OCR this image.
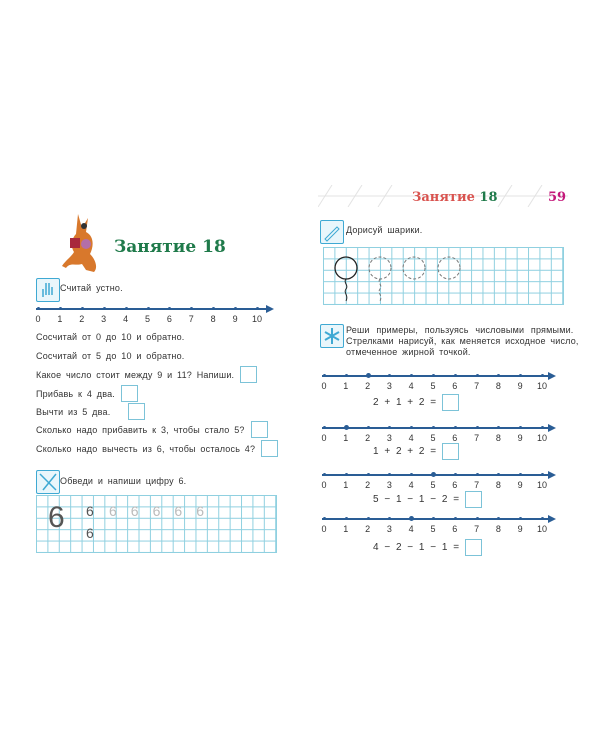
Занятие 18
Считай устно.
0	1	2	3	4	5	6	7	8	9	10
Сосчитай от 0 до 10 и обратно.
Сосчитай от 5 до 10 и обратно.
Какое число стоит между 9 и 11? Напиши.
Прибавь к 4 два.
Вычти из 5 два.
Сколько надо прибавить к 3, чтобы стало 5?
Сколько надо вычесть из 6, чтобы осталось 4?
Обведи и напиши цифру 6.
6 6
6
66666
Занятие 18	59
Дорисуй шарики.
Реши примеры, пользуясь числовыми прямыми.
Стрелками нарисуй, как меняется исходное число,
отмеченное жирной точкой.
0	1	2	3	4	5	6	7	8	9	10
2 + 1 + 2 =
0	1	2	3	4	5	6	7	8	9	10
1 + 2 + 2 =
0	1	2	3	4	5	6	7	8	9	10
5 − 1 − 1 − 2 =
0	1	2	3	4	5	6	7	8	9	10
4 − 2 − 1 − 1 =
